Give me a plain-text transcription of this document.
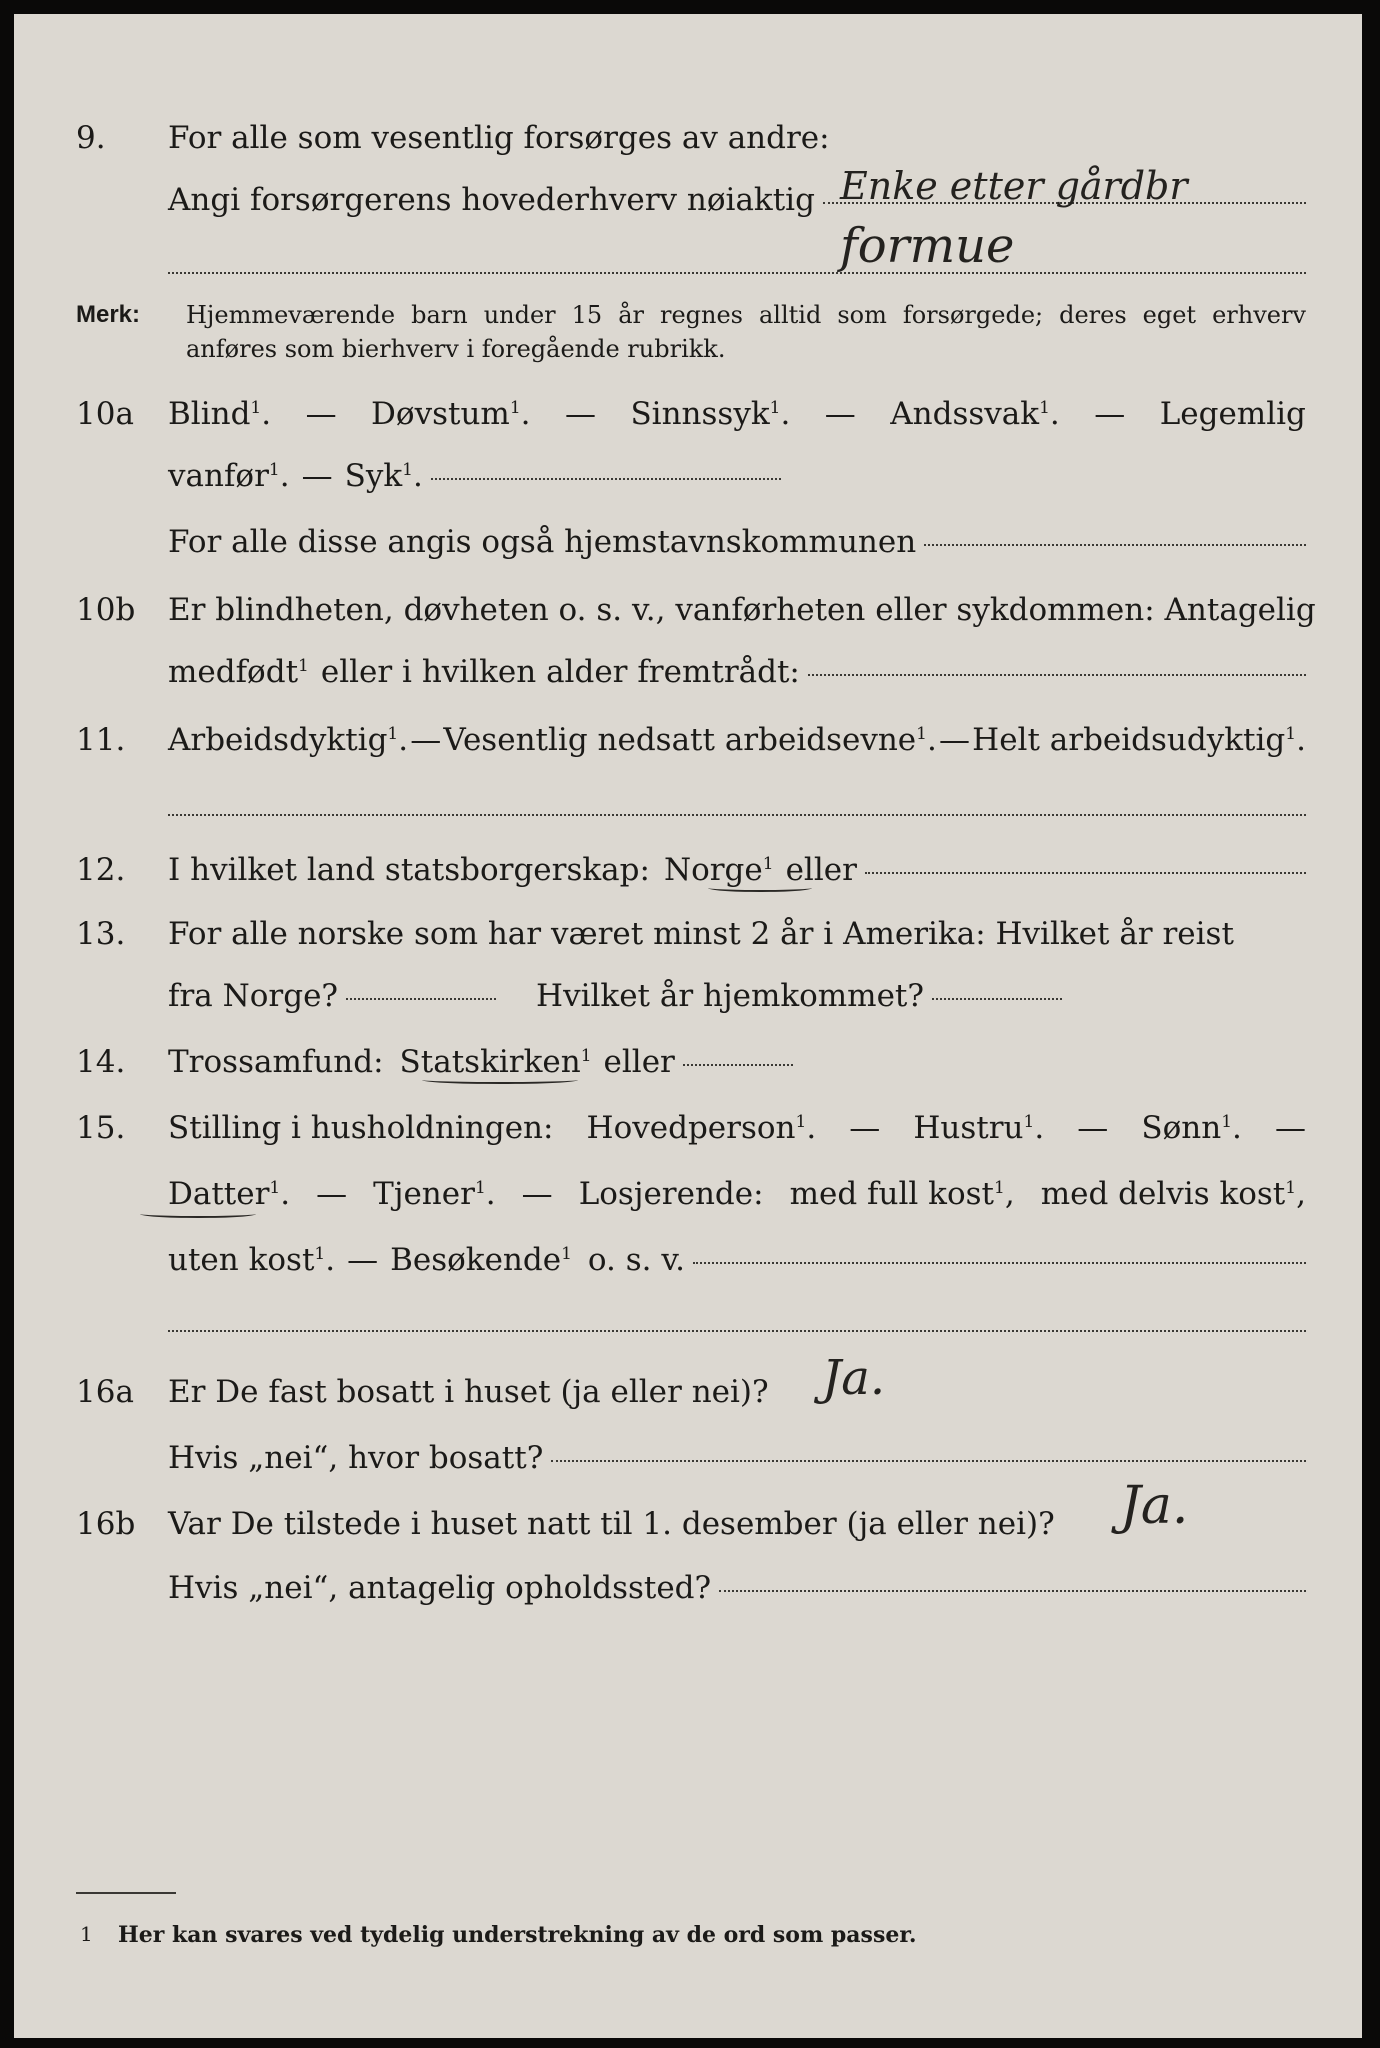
9. For alle som vesentlig forsørges av andre:
Angi forsørgerens hovederhverv nøiaktig Enke etter gårdbr
formue
Merk: Hjemmeværende barn under 15 år regnes alltid som forsørgede; deres eget erhverv
anføres som bierhverv i foregående rubrikk.
10a Blind$^1$. — Døvstum$^1$. — Sinnssyk$^1$. — Andssvak$^1$. — Legemlig
vanfør$^1$. — Syk$^1$.
For alle disse angis også hjemstavnskommunen
10b Er blindheten, døvheten o. s. v., vanførheten eller sykdommen: Antagelig
medfødt$^1$ eller i hvilken alder fremtrådt:
11. Arbeidsdyktig$^1$. — Vesentlig nedsatt arbeidsevne$^1$. — Helt arbeidsudyktig$^1$.
12. I hvilket land statsborgerskap: Norge$^1$ eller
13. For alle norske som har været minst 2 år i Amerika: Hvilket år reist
fra Norge?	Hvilket år hjemkommet?
14. Trossamfund: Statskirken$^1$ eller
15. Stilling i husholdningen: Hovedperson$^1$. — Hustru$^1$. — Sønn$^1$. —
Datter$^1$. — Tjener$^1$. — Losjerende: med full kost$^1$, med delvis kost$^1$,
uten kost$^1$. — Besøkende$^1$ o. s. v.
16a Er De fast bosatt i huset (ja eller nei)? Ja.
Hvis „nei“, hvor bosatt?
16b Var De tilstede i huset natt til 1. desember (ja eller nei)? Ja.
Hvis „nei“, antagelig opholdssted?
1 Her kan svares ved tydelig understrekning av de ord som passer.
